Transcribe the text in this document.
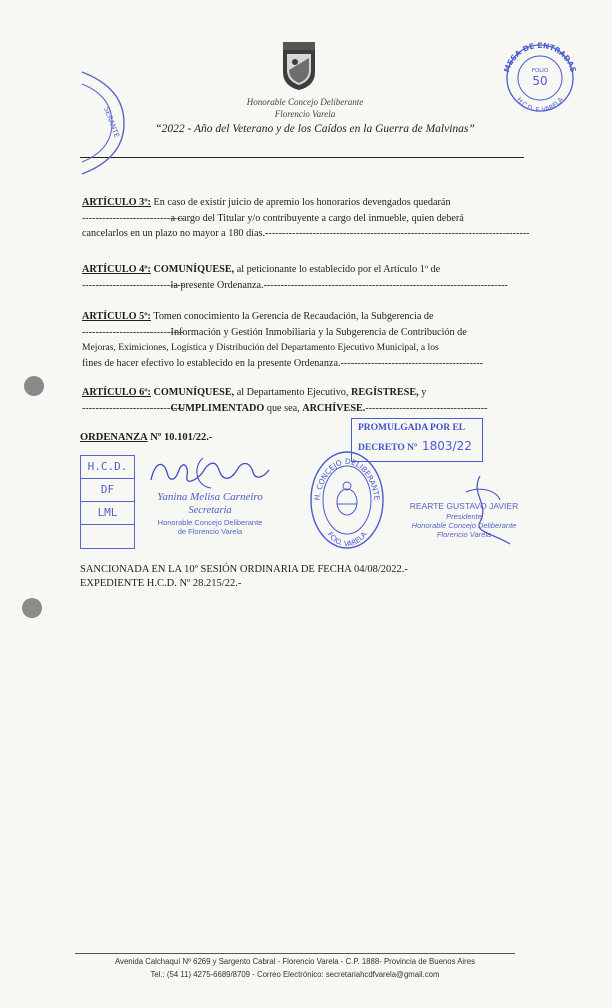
Honorable Concejo Deliberante
Florencio Varela
“2022 - Año del Veterano y de los Caídos en la Guerra de Malvinas”
SERANTE
MESA DE ENTRADAS
H.C.D. F. VARELA
FOLIO
50
ARTÍCULO 3º: En caso de existir juicio de apremio los honorarios devengados quedarán
------------------------------ a cargo del Titular y/o contribuyente a cargo del inmueble, quien deberá
cancelarlos en un plazo no mayor a 180 días.------------------------------------------------------------------------------
ARTÍCULO 4º: COMUNÍQUESE, al peticionante lo establecido por el Artículo 1º de
------------------------------ la presente Ordenanza.------------------------------------------------------------------------
ARTÍCULO 5º: Tomen conocimiento la Gerencia de Recaudación, la Subgerencia de
------------------------------ Información y Gestión Inmobiliaria y la Subgerencia de Contribución de
Mejoras, Eximiciones, Logística y Distribución del Departamento Ejecutivo Municipal, a los
fines de hacer efectivo lo establecido en la presente Ordenanza.------------------------------------------
ARTÍCULO 6º: COMUNÍQUESE, al Departamento Ejecutivo, REGÍSTRESE, y
------------------------------ CUMPLIMENTADO que sea, ARCHÍVESE.------------------------------------
ORDENANZA Nº 10.101/22.-
PROMULGADA POR EL
DECRETO Nº 1803/22
H.C.D.
DF
LML
Yanina Melisa Carneiro
Secretaria
Honorable Concejo Deliberante
de Florencio Varela
H. CONCEJO DELIBERANTE
FCIO. VARELA
REARTE GUSTAVO JAVIER
Presidente
Honorable Concejo Deliberante
Florencio Varela
SANCIONADA EN LA 10º SESIÓN ORDINARIA DE FECHA 04/08/2022.-
EXPEDIENTE H.C.D. Nº 28.215/22.-
Avenida Calchaquí Nº 6269 y Sargento Cabral - Florencio Varela - C.P. 1888- Provincia de Buenos Aires
Tel.: (54 11) 4275-6689/8709 - Correo Electrónico: secretariahcdfvarela@gmail.com
